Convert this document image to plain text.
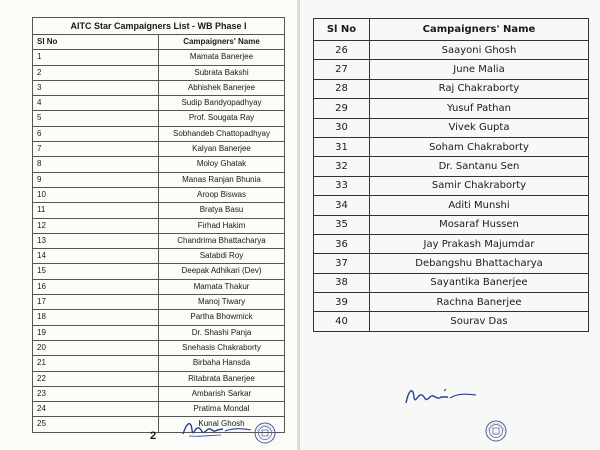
AITC Star Campaigners List - WB Phase I	
Sl No	Campaigners' Name
1	Mamata Banerjee
2	Subrata Bakshi
3	Abhishek Banerjee
4	Sudip Bandyopadhyay
5	Prof. Sougata Ray
6	Sobhandeb Chattopadhyay
7	Kalyan Banerjee
8	Moloy Ghatak
9	Manas Ranjan Bhunia
10	Aroop Biswas
11	Bratya Basu
12	Firhad Hakim
13	Chandrima Bhattacharya
14	Satabdi Roy
15	Deepak Adhikari (Dev)
16	Mamata Thakur
17	Manoj Tiwary
18	Partha Bhowmick
19	Dr. Shashi Panja
20	Snehasis Chakraborty
21	Birbaha Hansda
22	Ritabrata Banerjee
23	Ambarish Sarkar
24	Pratima Mondal
25	Kunal Ghosh
2
Sl No	Campaigners' Name
26	Saayoni Ghosh
27	June Malia
28	Raj Chakraborty
29	Yusuf Pathan
30	Vivek Gupta
31	Soham Chakraborty
32	Dr. Santanu Sen
33	Samir Chakraborty
34	Aditi Munshi
35	Mosaraf Hussen
36	Jay Prakash Majumdar
37	Debangshu Bhattacharya
38	Sayantika Banerjee
39	Rachna Banerjee
40	Sourav Das
